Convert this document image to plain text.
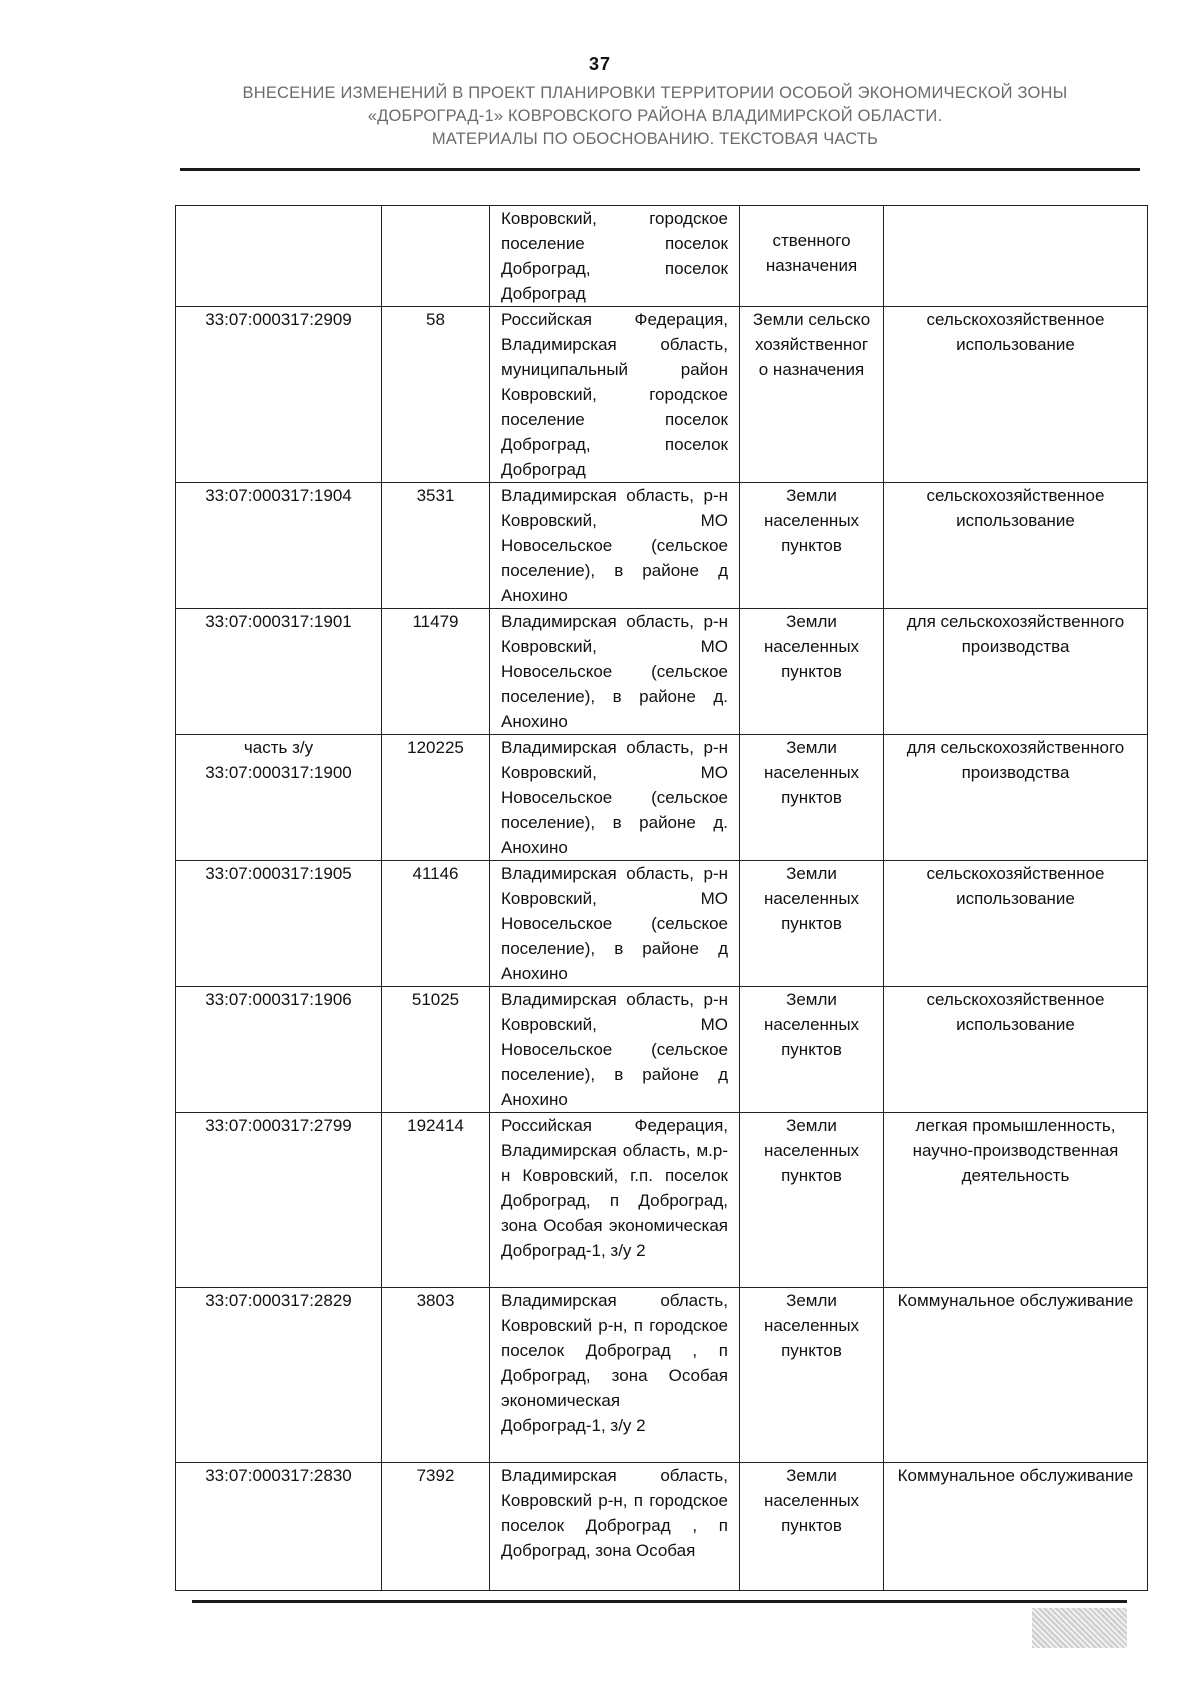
37
ВНЕСЕНИЕ ИЗМЕНЕНИЙ В ПРОЕКТ ПЛАНИРОВКИ ТЕРРИТОРИИ ОСОБОЙ ЭКОНОМИЧЕСКОЙ ЗОНЫ
«ДОБРОГРАД-1» КОВРОВСКОГО РАЙОНА ВЛАДИМИРСКОЙ ОБЛАСТИ.
МАТЕРИАЛЫ ПО ОБОСНОВАНИЮ. ТЕКСТОВАЯ ЧАСТЬ
		Ковровский, городское поселение поселок Доброград, поселок Доброград	ственного назначения	
33:07:000317:2909	58	Российская Федерация, Владимирская область, муниципальный район Ковровский, городское поселение поселок Доброград, поселок Доброград	Земли сельскохозяйственного назначения	сельскохозяйственное использование
33:07:000317:1904	3531	Владимирская область, р-н Ковровский, МО Новосельское (сельское поселение), в районе д Анохино	Земли населенных пунктов	сельскохозяйственное использование
33:07:000317:1901	11479	Владимирская область, р-н Ковровский, МО Новосельское (сельское поселение), в районе д. Анохино	Земли населенных пунктов	для сельскохозяйственного производства
часть з/у 33:07:000317:1900	120225	Владимирская область, р-н Ковровский, МО Новосельское (сельское поселение), в районе д. Анохино	Земли населенных пунктов	для сельскохозяйственного производства
33:07:000317:1905	41146	Владимирская область, р-н Ковровский, МО Новосельское (сельское поселение), в районе д Анохино	Земли населенных пунктов	сельскохозяйственное использование
33:07:000317:1906	51025	Владимирская область, р-н Ковровский, МО Новосельское (сельское поселение), в районе д Анохино	Земли населенных пунктов	сельскохозяйственное использование
33:07:000317:2799	192414	Российская Федерация, Владимирская область, м.р-н Ковровский, г.п. поселок Доброград, п Доброград, зона Особая экономическая Доброград-1, з/у 2	Земли населенных пунктов	легкая промышленность, научно-производственная деятельность
33:07:000317:2829	3803	Владимирская область, Ковровский р-н, п городское поселок Доброград , п Доброград, зона Особая экономическая Доброград-1, з/у 2	Земли населенных пунктов	Коммунальное обслуживание
33:07:000317:2830	7392	Владимирская область, Ковровский р-н, п городское поселок Доброград , п Доброград, зона Особая	Земли населенных пунктов	Коммунальное обслуживание
